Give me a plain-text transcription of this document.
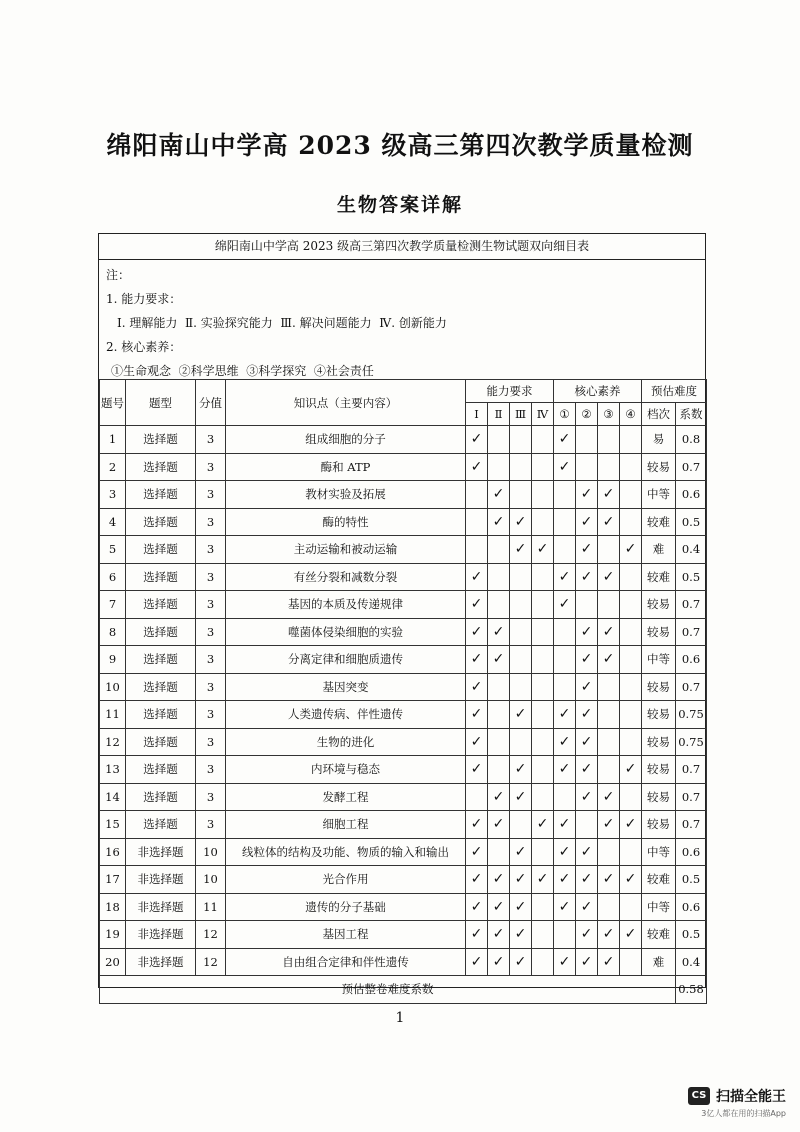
绵阳南山中学高 2023 级高三第四次教学质量检测
生物答案详解
绵阳南山中学高 2023 级高三第四次教学质量检测生物试题双向细目表
注：
1. 能力要求：
Ⅰ. 理解能力  Ⅱ. 实验探究能力  Ⅲ. 解决问题能力  Ⅳ. 创新能力
2. 核心素养：
①生命观念  ②科学思维  ③科学探究  ④社会责任
题号	题型	分值	知识点（主要内容）	能力要求				核心素养				预估难度	
				Ⅰ	Ⅱ	Ⅲ	Ⅳ	①	②	③	④	档次	系数
1	选择题	3	组成细胞的分子	✓				✓				易	0.8
2	选择题	3	酶和 ATP	✓				✓				较易	0.7
3	选择题	3	教材实验及拓展		✓				✓	✓		中等	0.6
4	选择题	3	酶的特性		✓	✓			✓	✓		较难	0.5
5	选择题	3	主动运输和被动运输			✓	✓		✓		✓	难	0.4
6	选择题	3	有丝分裂和减数分裂	✓				✓	✓	✓		较难	0.5
7	选择题	3	基因的本质及传递规律	✓				✓				较易	0.7
8	选择题	3	噬菌体侵染细胞的实验	✓	✓				✓	✓		较易	0.7
9	选择题	3	分离定律和细胞质遗传	✓	✓				✓	✓		中等	0.6
10	选择题	3	基因突变	✓					✓			较易	0.7
11	选择题	3	人类遗传病、伴性遗传	✓		✓		✓	✓			较易	0.75
12	选择题	3	生物的进化	✓				✓	✓			较易	0.75
13	选择题	3	内环境与稳态	✓		✓		✓	✓		✓	较易	0.7
14	选择题	3	发酵工程		✓	✓			✓	✓		较易	0.7
15	选择题	3	细胞工程	✓	✓		✓	✓		✓	✓	较易	0.7
16	非选择题	10	线粒体的结构及功能、物质的输入和输出	✓		✓		✓	✓			中等	0.6
17	非选择题	10	光合作用	✓	✓	✓	✓	✓	✓	✓	✓	较难	0.5
18	非选择题	11	遗传的分子基础	✓	✓	✓		✓	✓			中等	0.6
19	非选择题	12	基因工程	✓	✓	✓			✓	✓	✓	较难	0.5
20	非选择题	12	自由组合定律和伴性遗传	✓	✓	✓		✓	✓	✓		难	0.4
预估整卷难度系数													0.58
1
CS 扫描全能王
3亿人都在用的扫描App
